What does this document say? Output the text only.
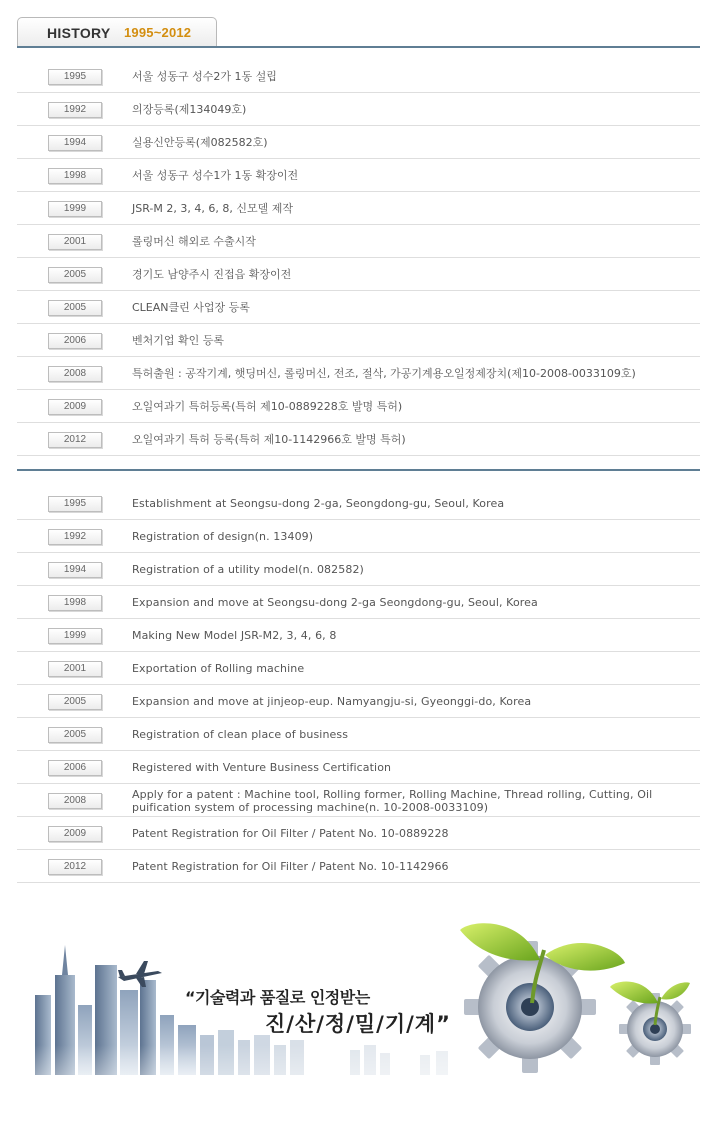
HISTORY 1995~2012
1995	서울 성동구 성수2가 1동 설립
1992	의장등록(제134049호)
1994	실용신안등록(제082582호)
1998	서울 성동구 성수1가 1동 확장이전
1999	JSR-M 2, 3, 4, 6, 8, 신모델 제작
2001	롤링머신 해외로 수출시작
2005	경기도 남양주시 진접읍 확장이전
2005	CLEAN클린 사업장 등록
2006	벤처기업 확인 등록
2008	특허출원 : 공작기계, 햇딩머신, 롤링머신, 전조, 절삭, 가공기계용오일정제장치(제10-2008-0033109호)
2009	오일여과기 특허등록(특허 제10-0889228호 발명 특허)
2012	오일여과기 특허 등록(특허 제10-1142966호 발명 특허)
1995	Establishment at Seongsu-dong 2-ga, Seongdong-gu, Seoul, Korea
1992	Registration of design(n. 13409)
1994	Registration of a utility model(n. 082582)
1998	Expansion and move at Seongsu-dong 2-ga Seongdong-gu, Seoul, Korea
1999	Making New Model JSR-M2, 3, 4, 6, 8
2001	Exportation of Rolling machine
2005	Expansion and move at jinjeop-eup. Namyangju-si, Gyeonggi-do, Korea
2005	Registration of clean place of business
2006	Registered with Venture Business Certification
2008	Apply for a patent : Machine tool, Rolling former, Rolling Machine, Thread rolling, Cutting, Oil puification system of processing machine(n. 10-2008-0033109)
2009	Patent Registration for Oil Filter / Patent No. 10-0889228
2012	Patent Registration for Oil Filter / Patent No. 10-1142966
“기술력과 품질로 인정받는
진/산/정/밀/기/계”
